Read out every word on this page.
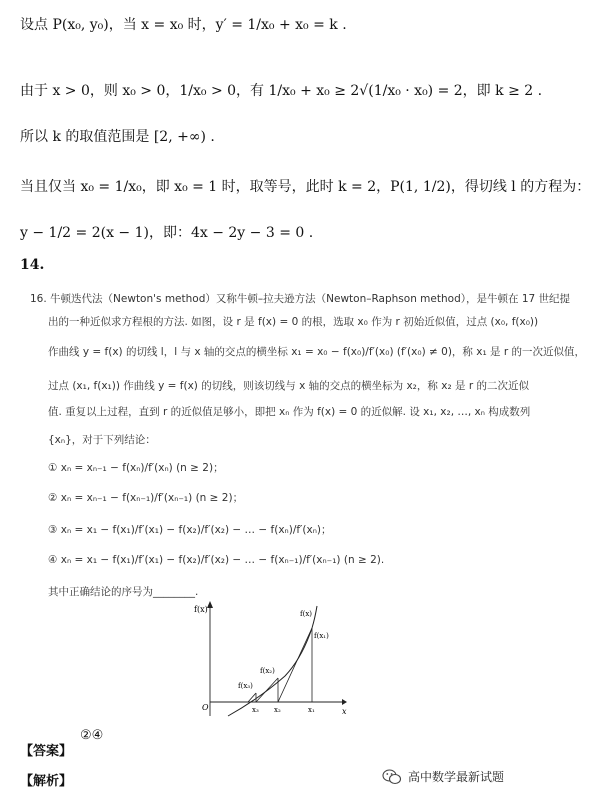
设点 P(x₀, y₀)，当 x = x₀ 时，y′ = 1/x₀ + x₀ = k .
由于 x > 0，则 x₀ > 0，1/x₀ > 0，有 1/x₀ + x₀ ≥ 2√(1/x₀ · x₀) = 2，即 k ≥ 2 .
所以 k 的取值范围是 [2, +∞) .
当且仅当 x₀ = 1/x₀，即 x₀ = 1 时，取等号，此时 k = 2，P(1, 1/2)，得切线 l 的方程为：
y − 1/2 = 2(x − 1)，即：4x − 2y − 3 = 0 .
14.
16. 牛顿迭代法（Newton's method）又称牛顿–拉夫逊方法（Newton–Raphson method），是牛顿在 17 世纪提
出的一种近似求方程根的方法. 如图，设 r 是 f(x) = 0 的根，选取 x₀ 作为 r 初始近似值，过点 (x₀, f(x₀))
作曲线 y = f(x) 的切线 l，l 与 x 轴的交点的横坐标 x₁ = x₀ − f(x₀)/f′(x₀) (f′(x₀) ≠ 0)，称 x₁ 是 r 的一次近似值，
过点 (x₁, f(x₁)) 作曲线 y = f(x) 的切线，则该切线与 x 轴的交点的横坐标为 x₂，称 x₂ 是 r 的二次近似
值. 重复以上过程，直到 r 的近似值足够小，即把 xₙ 作为 f(x) = 0 的近似解. 设 x₁, x₂, …, xₙ 构成数列
{xₙ}，对于下列结论：
① xₙ = xₙ₋₁ − f(xₙ)/f′(xₙ) (n ≥ 2)；
② xₙ = xₙ₋₁ − f(xₙ₋₁)/f′(xₙ₋₁) (n ≥ 2)；
③ xₙ = x₁ − f(x₁)/f′(x₁) − f(x₂)/f′(x₂) − … − f(xₙ)/f′(xₙ)；
④ xₙ = x₁ − f(x₁)/f′(x₁) − f(x₂)/f′(x₂) − … − f(xₙ₋₁)/f′(xₙ₋₁) (n ≥ 2).
其中正确结论的序号为________.
f(x)
x
O
f(x)
f(x₁)
f(x₂)
f(x₃)
x₃ x₂	x₁
【答案】
②④
【解析】	高中数学最新试题
